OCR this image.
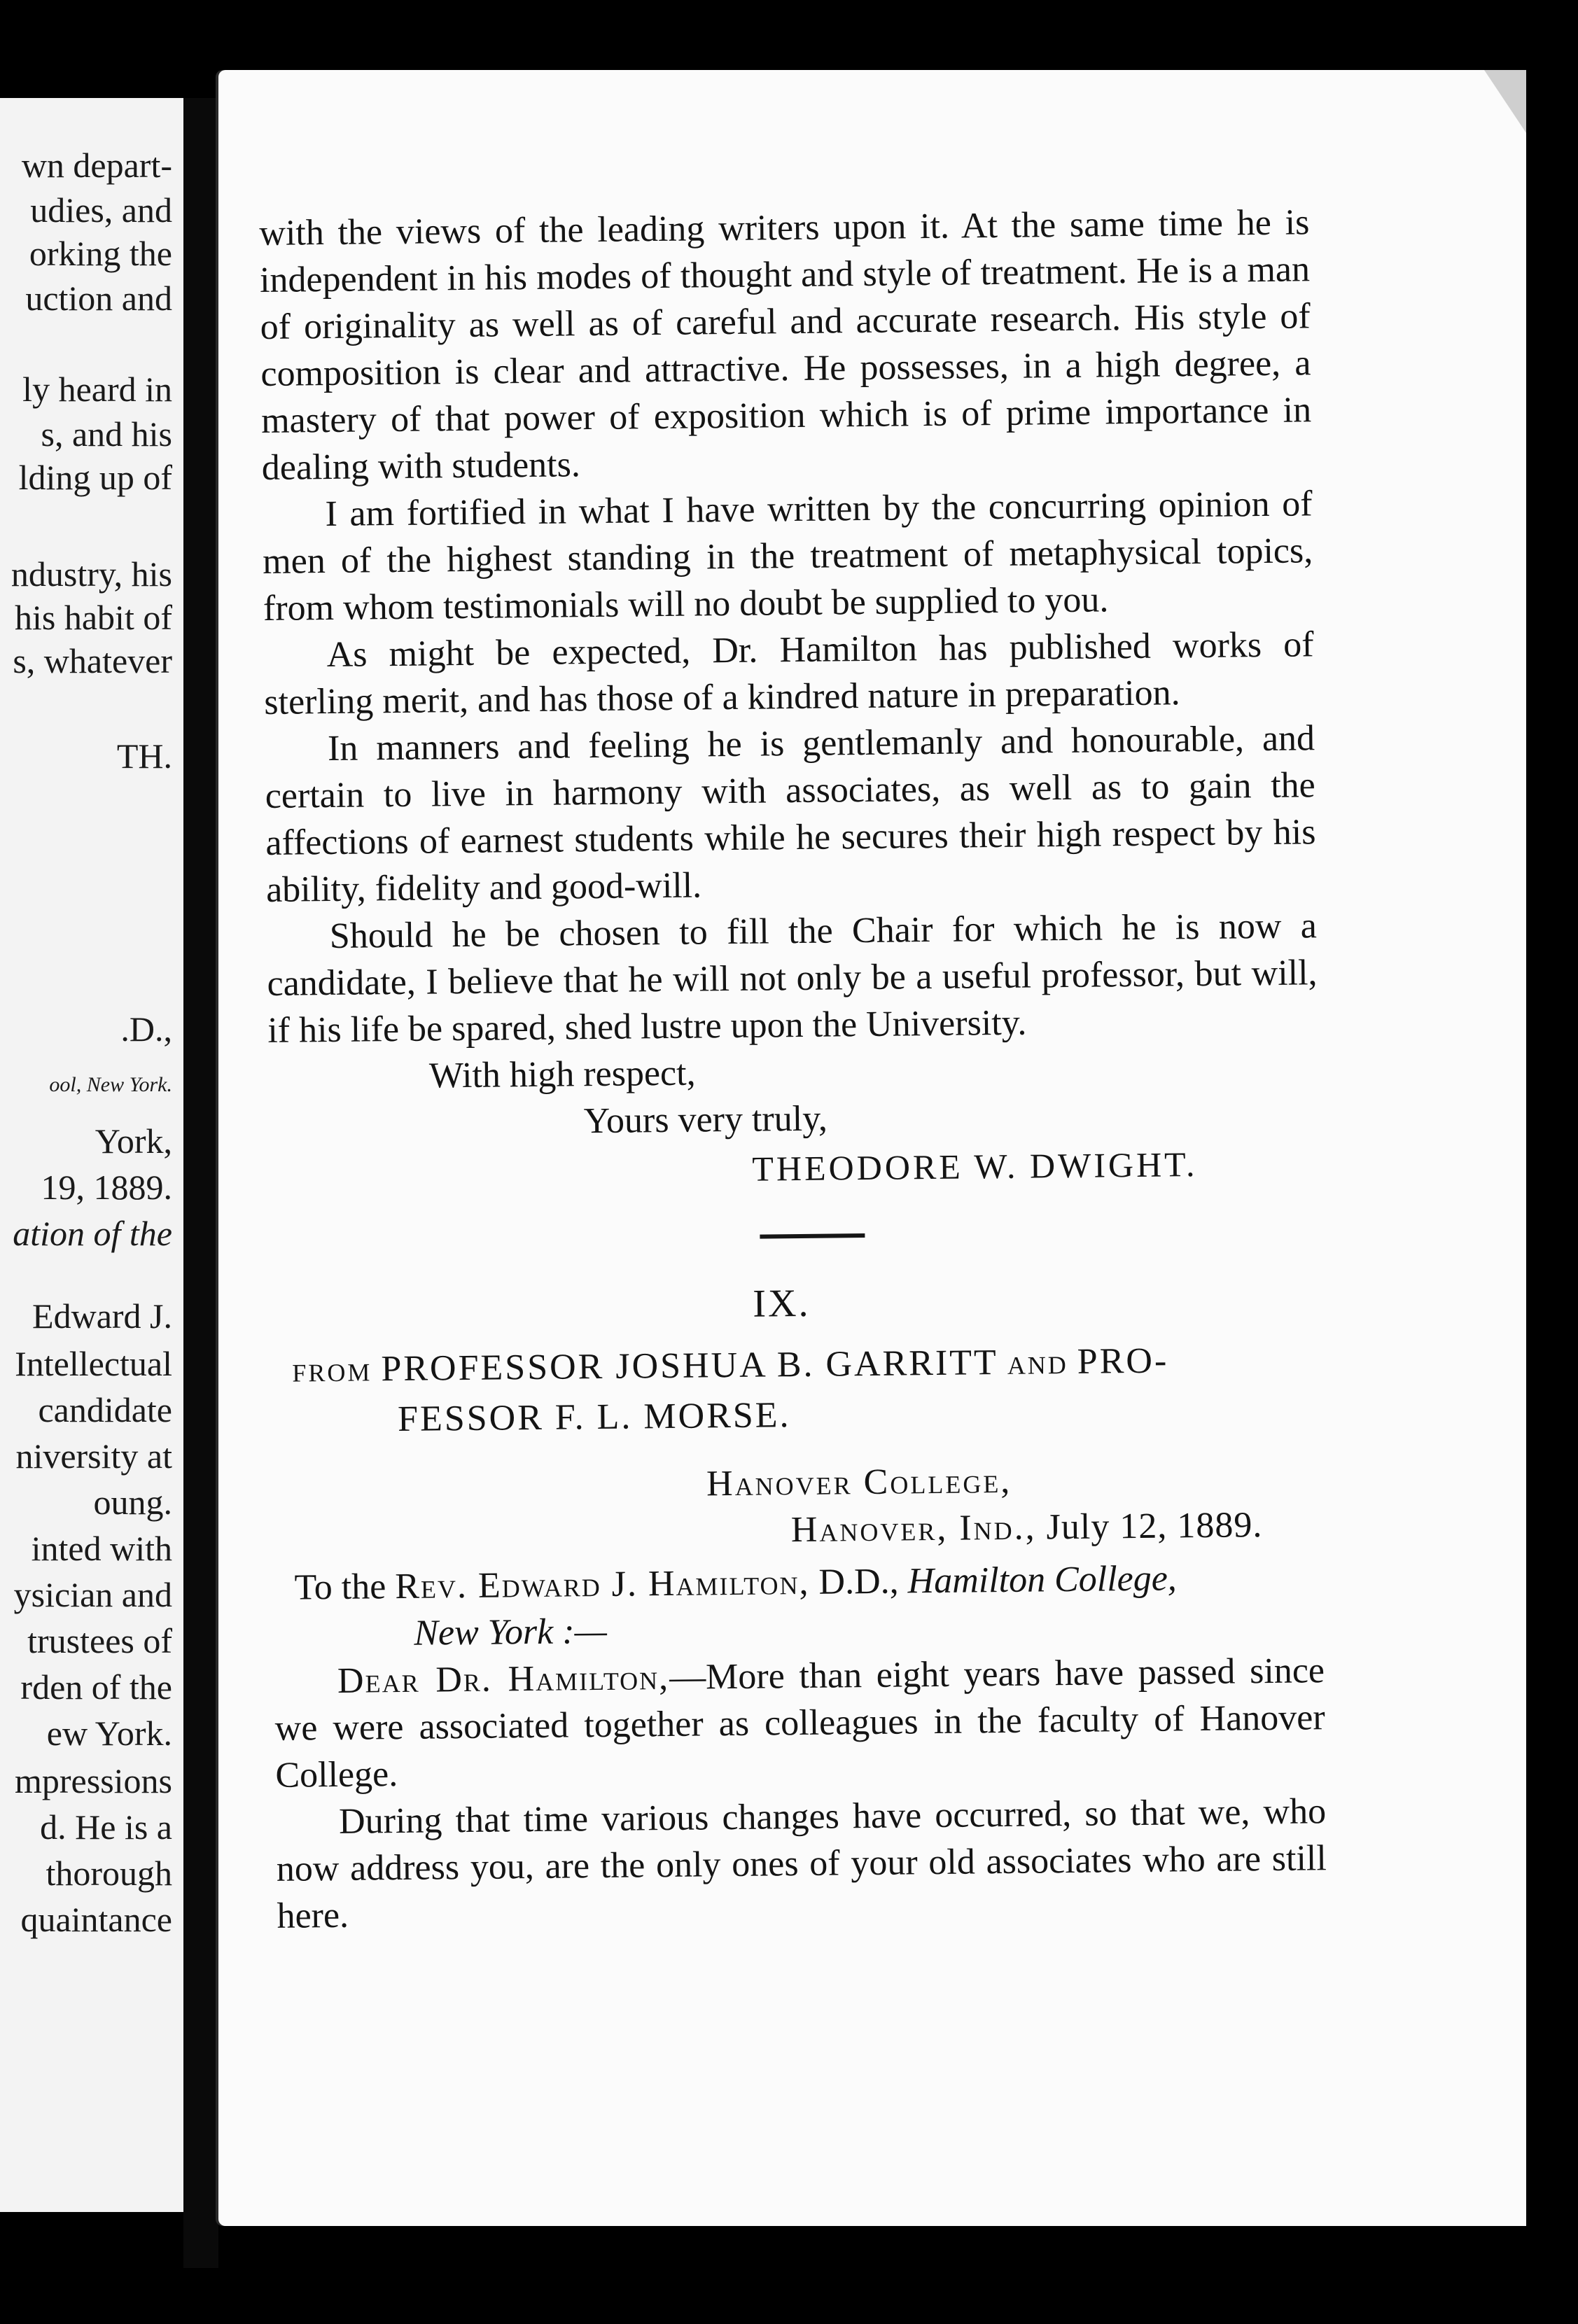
wn depart-
udies, and
orking the
uction and
ly heard in
s, and his
lding up of
ndustry, his
his habit of
s, whatever
TH.
.D.,
ool, New York.
York,
19, 1889.
ation of the
Edward J.
Intellectual
candidate
niversity at
oung.
inted with
ysician and
trustees of
rden of the
ew York.
mpressions
d. He is a
thorough
quaintance

with the views of the leading writers upon it. At the same time he is independent in his modes of thought and style of treatment. He is a man of originality as well as of careful and accurate research. His style of composition is clear and attractive. He possesses, in a high degree, a mastery of that power of exposition which is of prime importance in dealing with students.

I am fortified in what I have written by the concurring opinion of men of the highest standing in the treatment of metaphysical topics, from whom testimonials will no doubt be supplied to you.

As might be expected, Dr. Hamilton has published works of sterling merit, and has those of a kindred nature in preparation.

In manners and feeling he is gentlemanly and honourable, and certain to live in harmony with associates, as well as to gain the affections of earnest students while he secures their high respect by his ability, fidelity and good-will.

Should he be chosen to fill the Chair for which he is now a candidate, I believe that he will not only be a useful professor, but will, if his life be spared, shed lustre upon the University.

With high respect,

Yours very truly,

THEODORE W. DWIGHT.

IX.

FROM PROFESSOR JOSHUA B. GARRITT AND PRO-

FESSOR F. L. MORSE.

Hanover College,

Hanover, Ind., July 12, 1889.

To the Rev. Edward J. Hamilton, D.D., Hamilton College,

New York :—

Dear Dr. Hamilton,—More than eight years have passed since we were associated together as colleagues in the faculty of Hanover College.

During that time various changes have occurred, so that we, who now address you, are the only ones of your old associates who are still here.
